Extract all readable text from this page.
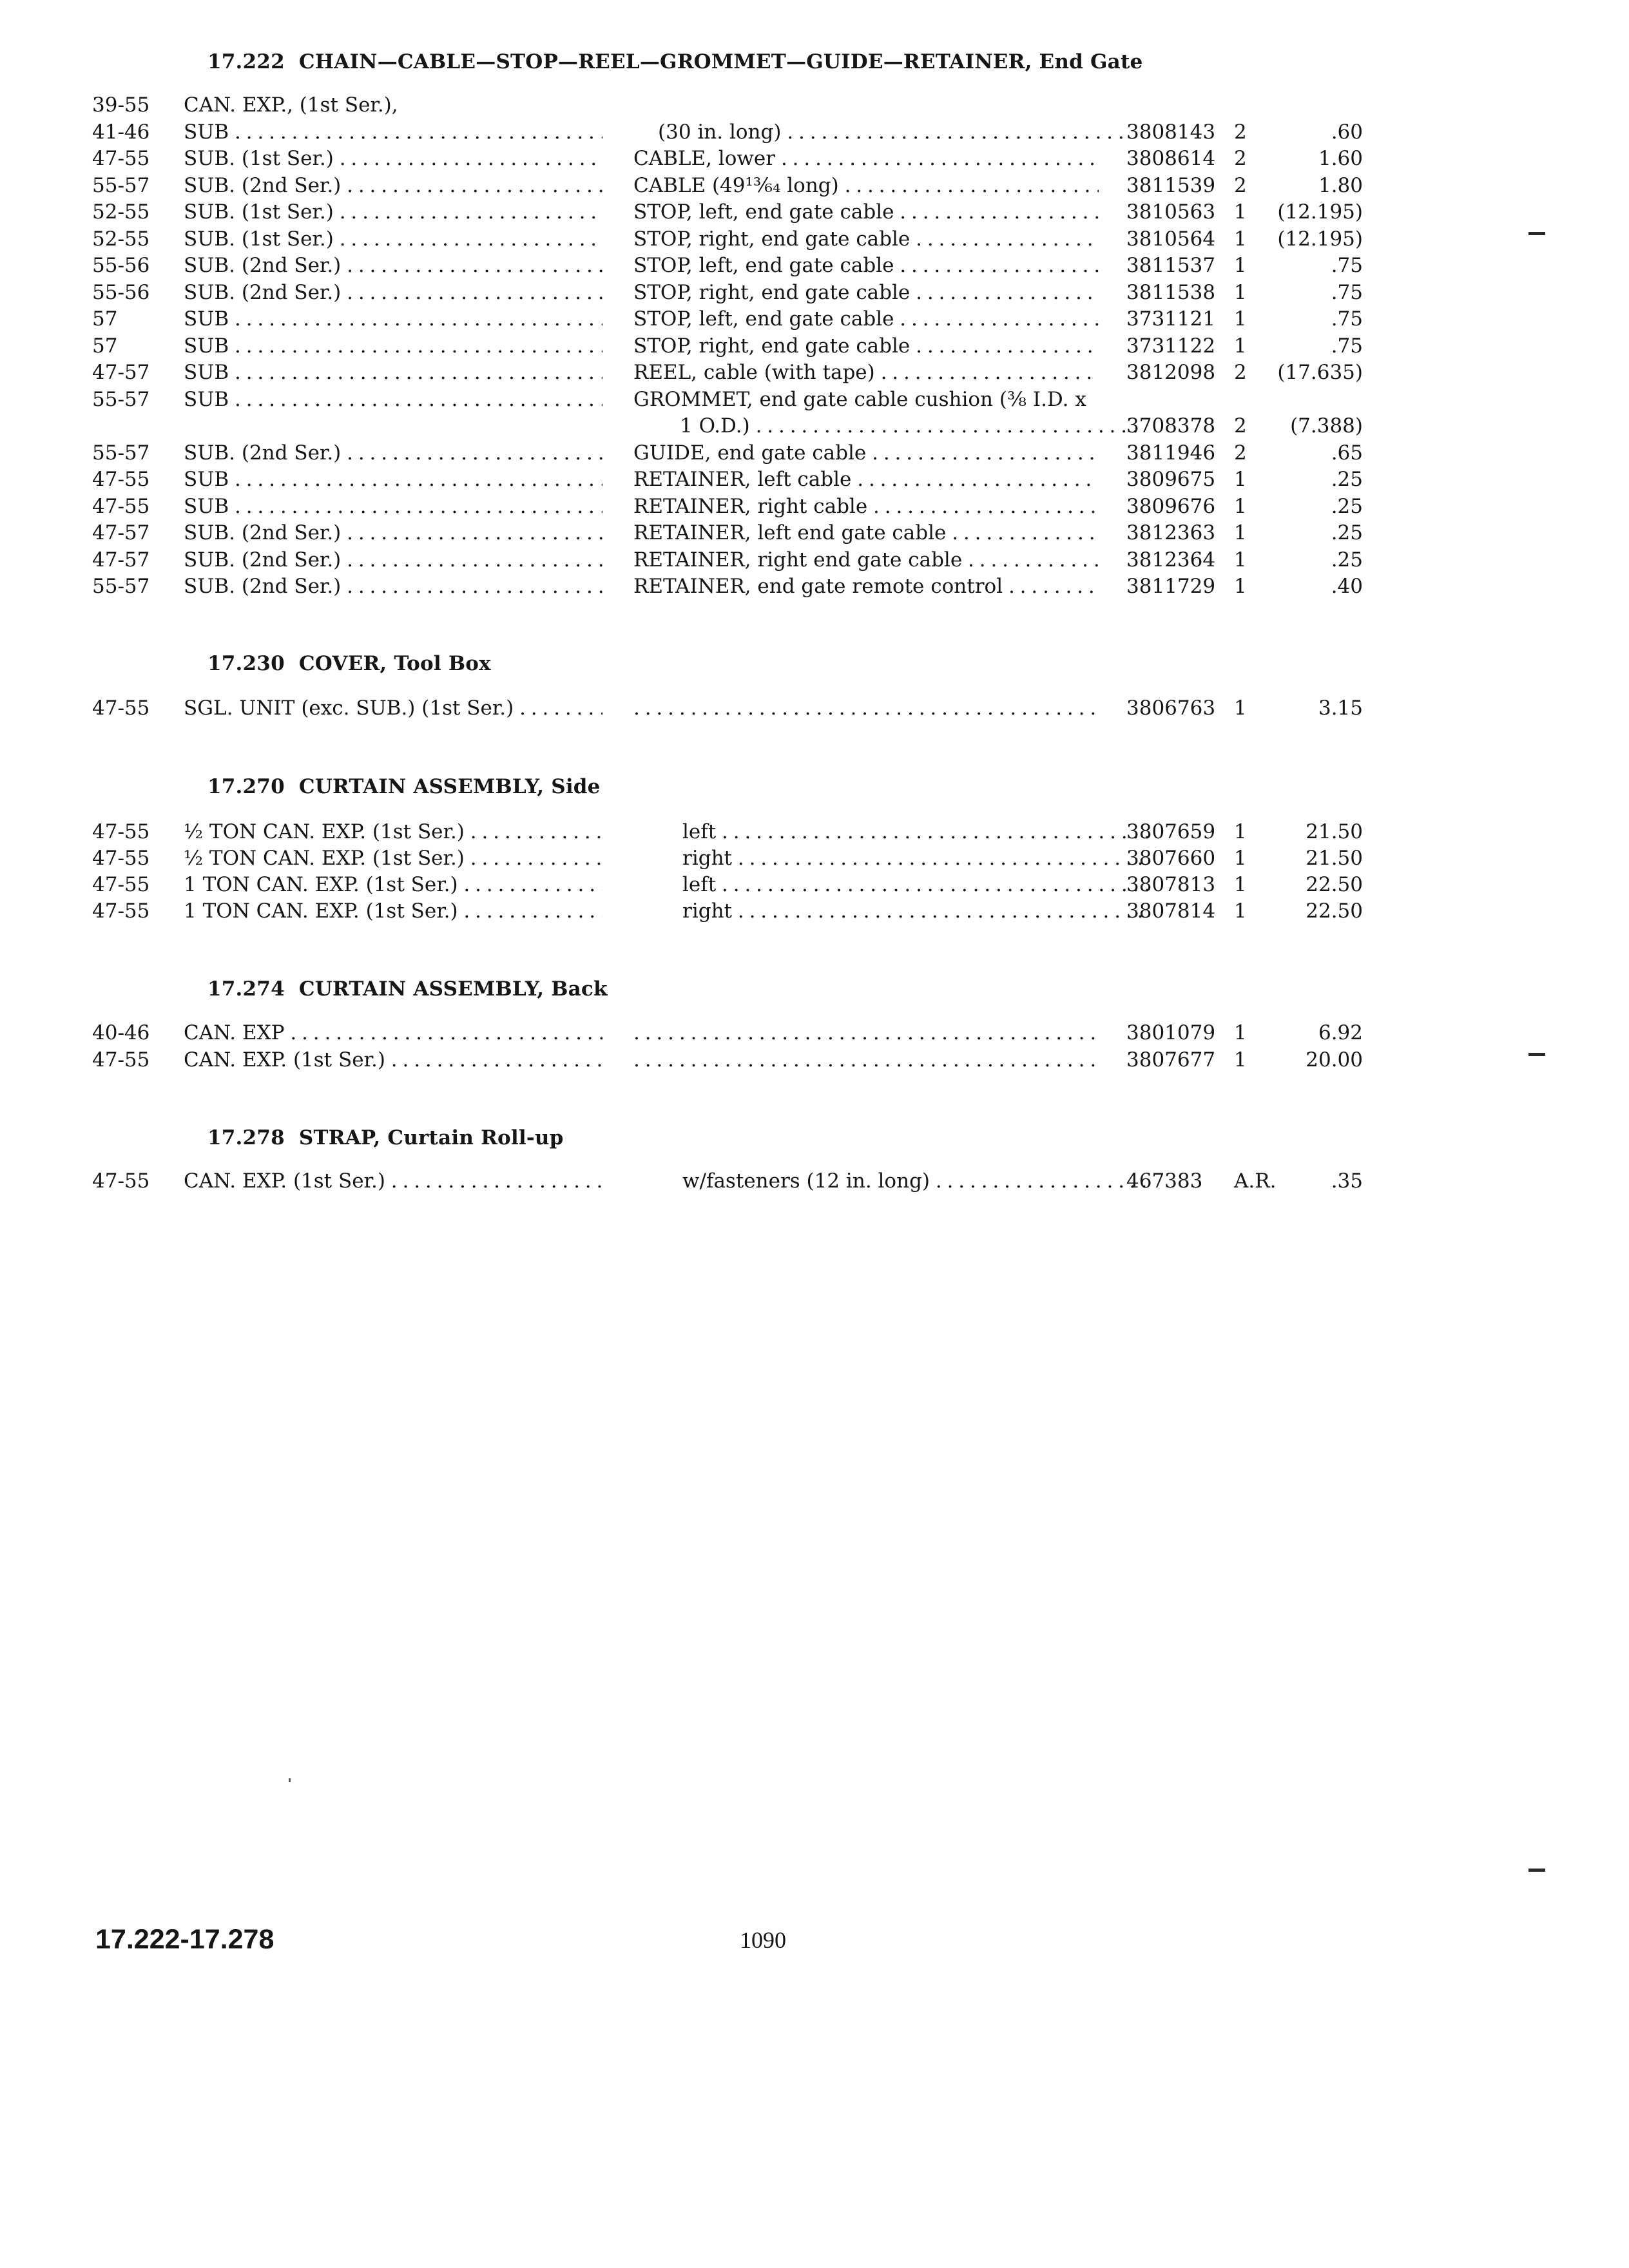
17.222 CHAIN—CABLE—STOP—REEL—GROMMET—GUIDE—RETAINER, End Gate
39-55	CAN. EXP., (1st Ser.),
41-46	SUB . . .	(30 in. long) . . .	3808143 2	.60
47-55	SUB. (1st Ser.) . . .	CABLE, lower . . .	3808614 2	1.60
55-57	SUB. (2nd Ser.) . . .	CABLE (49¹³⁄₆₄ long) . . .	3811539 2	1.80
52-55	SUB. (1st Ser.) . . .	STOP, left, end gate cable . . .	3810563 1	(12.195)
52-55	SUB. (1st Ser.) . . .	STOP, right, end gate cable . . .	3810564 1	(12.195)
55-56	SUB. (2nd Ser.) . . .	STOP, left, end gate cable . . .	3811537 1	.75
55-56	SUB. (2nd Ser.) . . .	STOP, right, end gate cable . . .	3811538 1	.75
57	SUB . . .	STOP, left, end gate cable . . .	3731121 1	.75
57	SUB . . .	STOP, right, end gate cable . . .	3731122 1	.75
47-57	SUB . . .	REEL, cable (with tape) . . .	3812098 2	(17.635)
55-57	SUB . . .	GROMMET, end gate cable cushion (³⁄₈ I.D. x
1 O.D.) . . .	3708378 2	(7.388)
55-57	SUB. (2nd Ser.) . . .	GUIDE, end gate cable . . .	3811946 2	.65
47-55	SUB . . .	RETAINER, left cable . . .	3809675 1	.25
47-55	SUB . . .	RETAINER, right cable . . .	3809676 1	.25
47-57	SUB. (2nd Ser.) . . .	RETAINER, left end gate cable . . .	3812363 1	.25
47-57	SUB. (2nd Ser.) . . .	RETAINER, right end gate cable . . .	3812364 1	.25
55-57	SUB. (2nd Ser.) . . .	RETAINER, end gate remote control . . .	3811729 1	.40
17.230 COVER, Tool Box
47-55	SGL. UNIT (exc. SUB.) (1st Ser.) . . . . . .	3806763 1	3.15
17.270 CURTAIN ASSEMBLY, Side
47-55	½ TON CAN. EXP. (1st Ser.) . . .	left . . .	3807659 1	21.50
47-55	½ TON CAN. EXP. (1st Ser.) . . .	right . . .	3807660 1	21.50
47-55	1 TON CAN. EXP. (1st Ser.) . . .	left . . .	3807813 1	22.50
47-55	1 TON CAN. EXP. (1st Ser.) . . .	right . . .	3807814 1	22.50
17.274 CURTAIN ASSEMBLY, Back
40-46	CAN. EXP . . . . . .	3801079 1	6.92
47-55	CAN. EXP. (1st Ser.) . . . . . .	3807677 1	20.00
17.278 STRAP, Curtain Roll-up
47-55	CAN. EXP. (1st Ser.) . . .	w/fasteners (12 in. long) . . .	467383	A.R.	.35
17.222-17.278	1090
